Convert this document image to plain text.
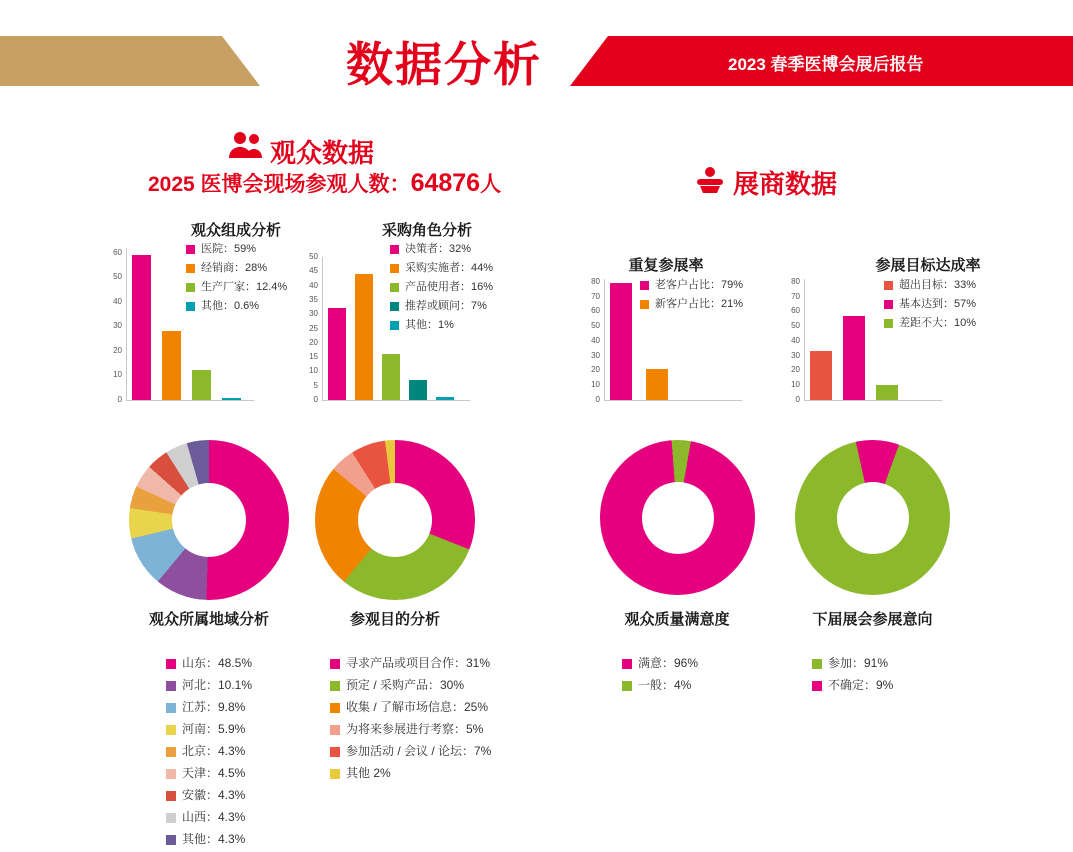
数据分析	2023 春季医博会展后报告
观众数据
展商数据
2025 医博会现场参观人数：64876人
观众组成分析
0
10
20
30
40
50
60	医院：59%
经销商：28%
生产厂家：12.4%
其他：0.6%
采购角色分析
0
5
10
15
20
25
30
35
40
45
50
决策者：32%
采购实施者：44%
产品使用者：16%
推荐或顾问：7%
其他：1%
重复参展率
0
10
20
30
40
50
60
70
80	老客户占比：79%
新客户占比：21%
参展目标达成率
0
10
20
30
40
50
60
70
80	超出目标：33%
基本达到：57%
差距不大：10%
观众所属地域分析
山东：48.5%
河北：10.1%
江苏：9.8%
河南：5.9%
北京：4.3%
天津：4.5%
安徽：4.3%
山西：4.3%
其他：4.3%
参观目的分析
寻求产品或项目合作：31%
预定 / 采购产品：30%
收集 / 了解市场信息：25%
为将来参展进行考察：5%
参加活动 / 会议 / 论坛：7%
其他 2%
观众质量满意度
满意：96%
一般：4%
下届展会参展意向
参加：91%
不确定：9%
